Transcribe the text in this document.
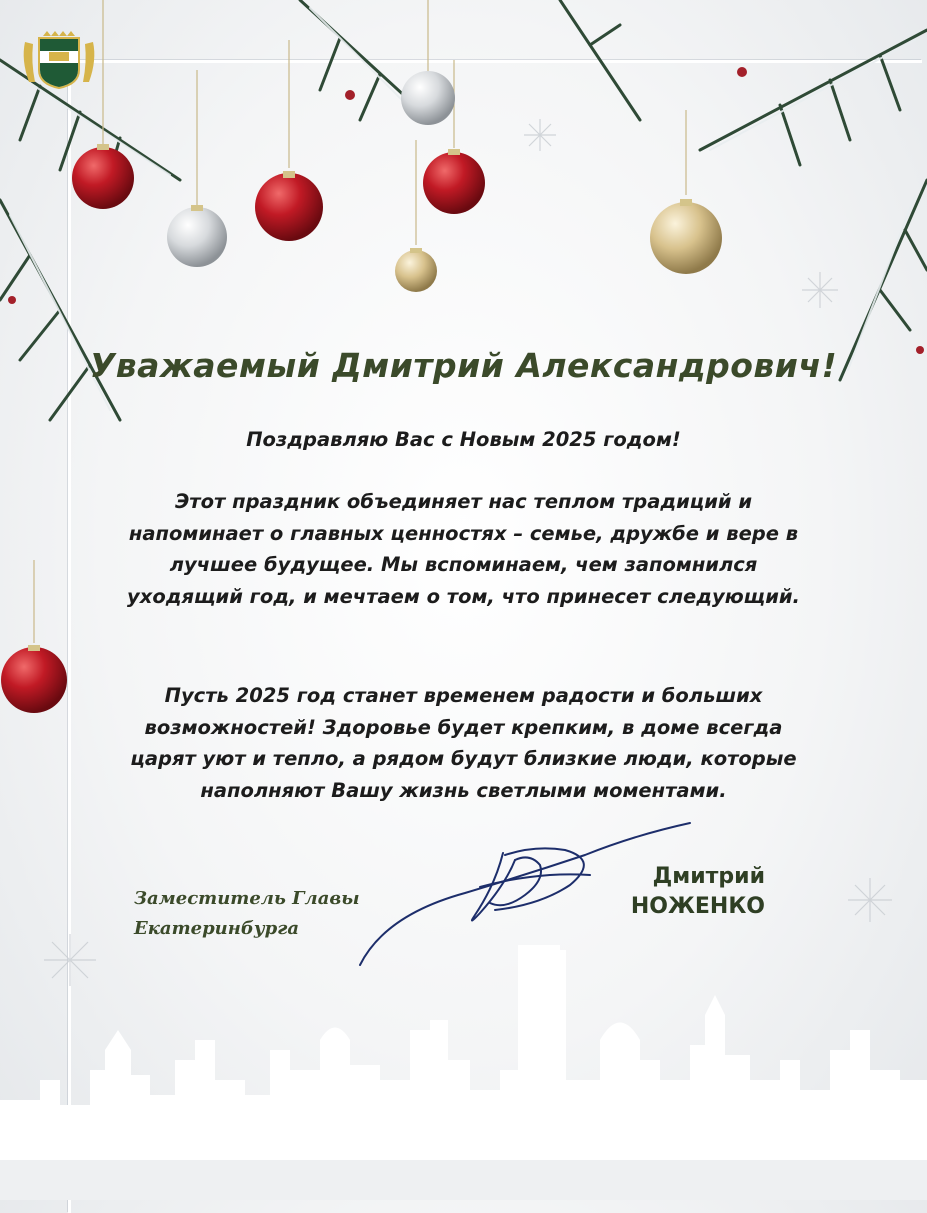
Уважаемый Дмитрий Александрович!
Поздравляю Вас с Новым 2025 годом!
Этот праздник объединяет нас теплом традиций и напоминает о главных ценностях – семье, дружбе и вере в лучшее будущее. Мы вспоминаем, чем запомнился уходящий год, и мечтаем о том, что принесет следующий.
Пусть 2025 год станет временем радости и больших возможностей! Здоровье будет крепким, в доме всегда царят уют и тепло, а рядом будут близкие люди, которые наполняют Вашу жизнь светлыми моментами.
Заместитель Главы
Екатеринбурга
Дмитрий
НОЖЕНКО
